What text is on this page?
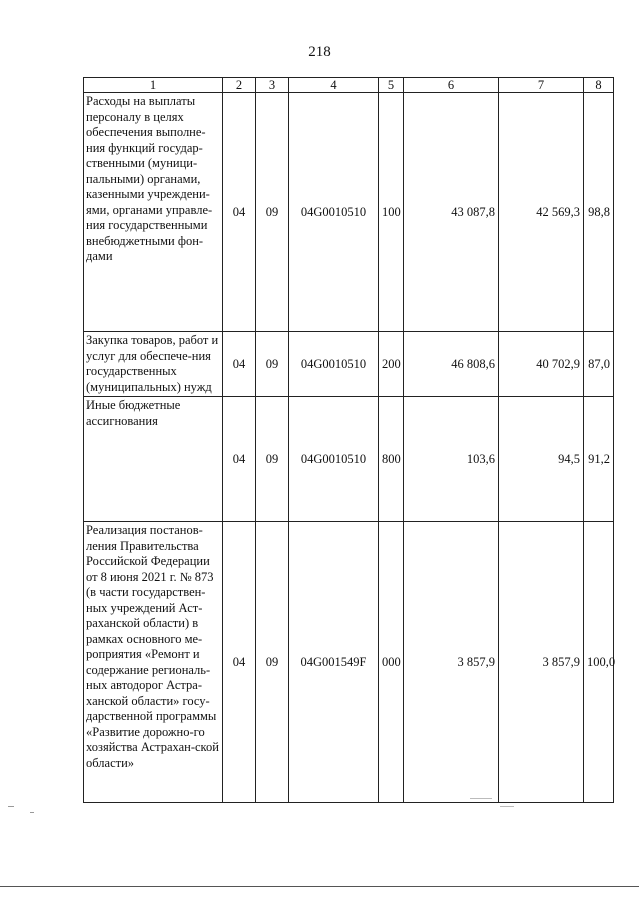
218
1	2	3	4	5	6	7	8
Расходы на выплаты персоналу в целях обеспечения выполне-ния функций государ-ственными (муници-пальными) органами, казенными учреждени-ями, органами управле-ния государственными внебюджетными фон-дами	04	09	04G0010510	100	43 087,8	42 569,3	98,8
Закупка товаров, работ и услуг для обеспече-ния государственных (муниципальных) нужд	04	09	04G0010510	200	46 808,6	40 702,9	87,0
Иные бюджетные ассигнования	04	09	04G0010510	800	103,6	94,5	91,2
Реализация постанов-ления Правительства Российской Федерации от 8 июня 2021 г. № 873 (в части государствен-ных учреждений Аст-раханской области) в рамках основного ме-роприятия «Ремонт и содержание региональ-ных автодорог Астра-ханской области» госу-дарственной программы «Развитие дорожно-го хозяйства Астрахан-ской области»	04	09	04G001549F	000	3 857,9	3 857,9	100,0
